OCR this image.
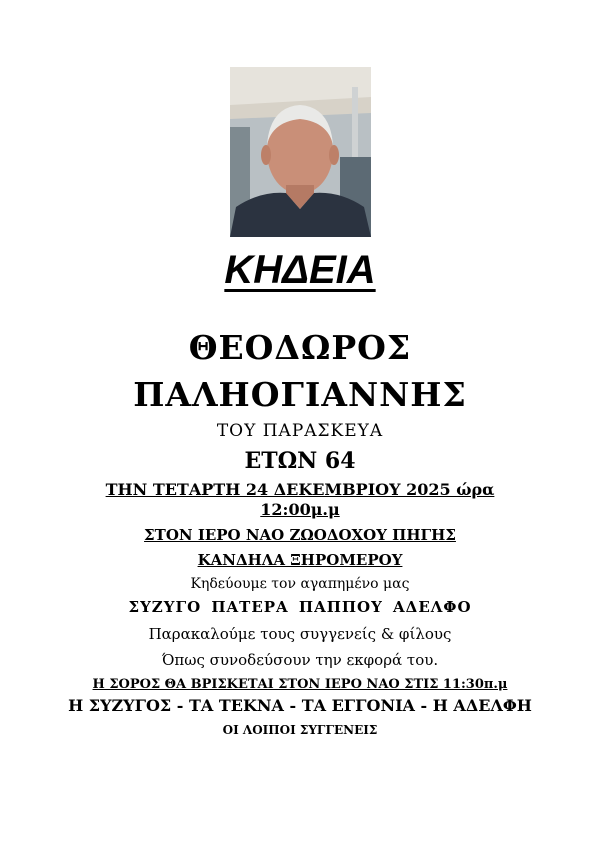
ΚΗΔΕΙΑ
ΘΕΟΔΩΡΟΣ
ΠΑΛΗΟΓΙΑΝΝΗΣ
ΤΟΥ ΠΑΡΑΣΚΕΥΑ
ΕΤΩΝ 64
ΤΗΝ ΤΕΤΑΡΤΗ 24 ΔΕΚΕΜΒΡΙΟΥ 2025 ώρα
12:00μ.μ
ΣΤΟΝ ΙΕΡΟ ΝΑΟ ΖΩΟΔΟΧΟΥ ΠΗΓΗΣ
ΚΑΝΔΗΛΑ ΞΗΡΟΜΕΡΟΥ
Κηδεύουμε τον αγαπημένο μας
ΣΥΖΥΓΟ ΠΑΤΕΡΑ ΠΑΠΠΟΥ ΑΔΕΛΦΟ
Παρακαλούμε τους συγγενείς & φίλους
Όπως συνοδεύσουν την εκφορά του.
Η ΣΟΡΟΣ ΘΑ ΒΡΙΣΚΕΤΑΙ ΣΤΟΝ ΙΕΡΟ ΝΑΟ ΣΤΙΣ 11:30π.μ
Η ΣΥΖΥΓΟΣ - ΤΑ ΤΕΚΝΑ - ΤΑ ΕΓΓΟΝΙΑ - Η ΑΔΕΛΦΗ
ΟΙ ΛΟΙΠΟΙ ΣΥΓΓΕΝΕΙΣ
